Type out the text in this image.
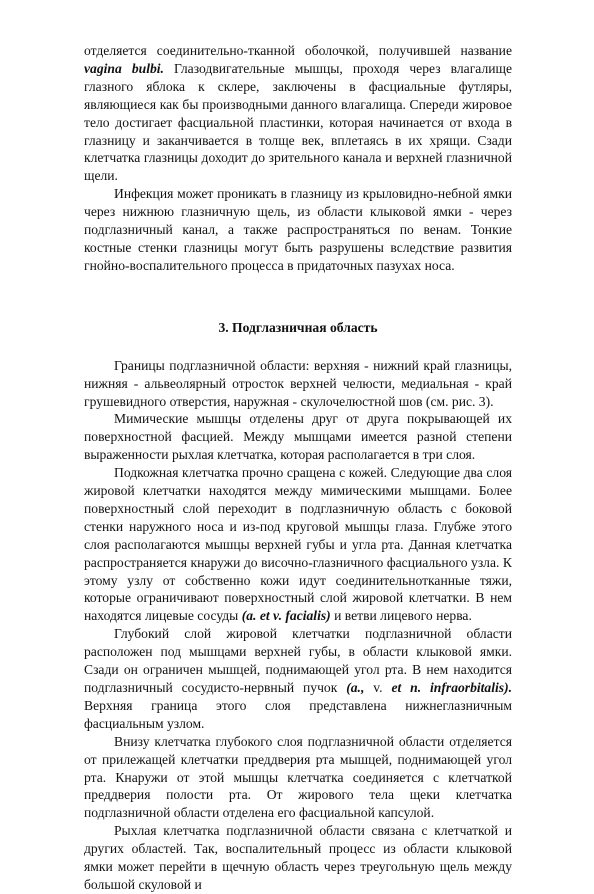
отделяется соединительно-тканной оболочкой, получившей название vagina bulbi. Глазодвигательные мышцы, проходя через влагалище глазного яблока к склере, заключены в фасциальные футляры, являющиеся как бы производными данного влагалища. Спереди жировое тело достигает фасциальной пластинки, которая начинается от входа в глазницу и заканчивается в толще век, вплетаясь в их хрящи. Сзади клетчатка глазницы доходит до зрительного канала и верхней глазничной щели.

Инфекция может проникать в глазницу из крыловидно-небной ямки через нижнюю глазничную щель, из области клыковой ямки - через подглазничный канал, а также распространяться по венам. Тонкие костные стенки глазницы могут быть разрушены вследствие развития гнойно-воспалительного процесса в придаточных пазухах носа.

3. Подглазничная область

Границы подглазничной области: верхняя - нижний край глазницы, нижняя - альвеолярный отросток верхней челюсти, медиальная - край грушевидного отверстия, наружная - скулочелюстной шов (см. рис. 3).

Мимические мышцы отделены друг от друга покрывающей их поверхностной фасцией. Между мышцами имеется разной степени выраженности рыхлая клетчатка, которая располагается в три слоя.

Подкожная клетчатка прочно сращена с кожей. Следующие два слоя жировой клетчатки находятся между мимическими мышцами. Более поверхностный слой переходит в подглазничную область с боковой стенки наружного носа и из-под круговой мышцы глаза. Глубже этого слоя располагаются мышцы верхней губы и угла рта. Данная клетчатка распространяется кнаружи до височно-глазничного фасциального узла. К этому узлу от собственно кожи идут соединительнотканные тяжи, которые ограничивают поверхностный слой жировой клетчатки. В нем находятся лицевые сосуды (a. et v. facialis) и ветви лицевого нерва.

Глубокий слой жировой клетчатки подглазничной области расположен под мышцами верхней губы, в области клыковой ямки. Сзади он ограничен мышцей, поднимающей угол рта. В нем находится подглазничный сосудисто-нервный пучок (a., v. et n. infraorbitalis). Верхняя граница этого слоя представлена нижнеглазничным фасциальным узлом.

Внизу клетчатка глубокого слоя подглазничной области отделяется от прилежащей клетчатки преддверия рта мышцей, поднимающей угол рта. Кнаружи от этой мышцы клетчатка соединяется с клетчаткой преддверия полости рта. От жирового тела щеки клетчатка подглазничной области отделена его фасциальной капсулой.

Рыхлая клетчатка подглазничной области связана с клетчаткой и других областей. Так, воспалительный процесс из области клыковой ямки может перейти в щечную область через треугольную щель между большой скуловой и
